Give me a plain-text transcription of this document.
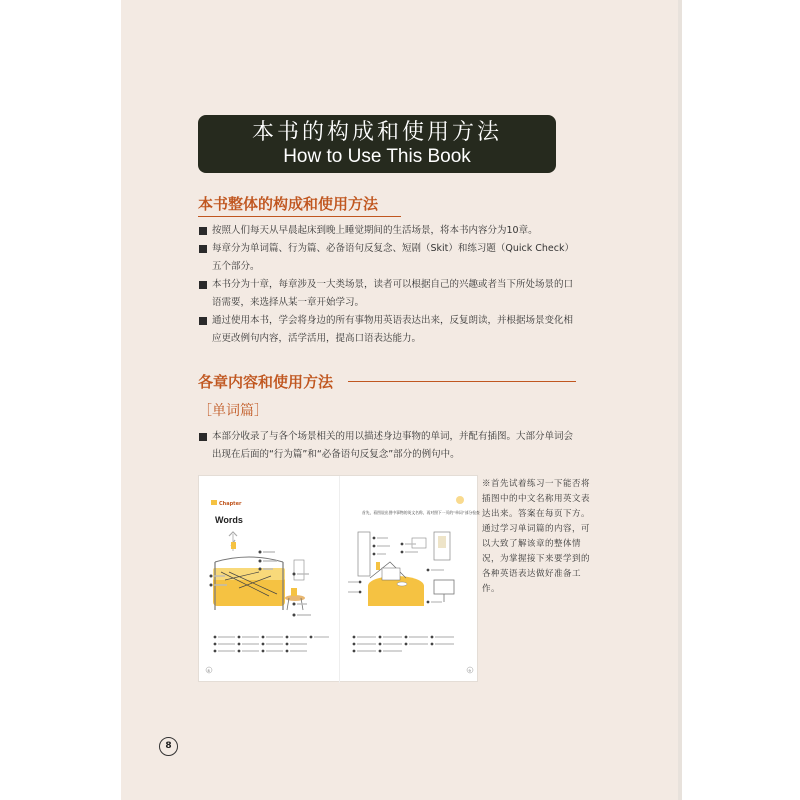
本书的构成和使用方法
How to Use This Book
本书整体的构成和使用方法
按照人们每天从早晨起床到晚上睡觉期间的生活场景，将本书内容分为10章。
每章分为单词篇、行为篇、必备语句反复念、短剧（Skit）和练习题（Quick Check）五个部分。
本书分为十章，每章涉及一大类场景，读者可以根据自己的兴趣或者当下所处场景的口语需要，来选择从某一章开始学习。
通过使用本书，学会将身边的所有事物用英语表达出来，反复朗读，并根据场景变化相应更改例句内容，活学活用，提高口语表达能力。
各章内容和使用方法
［单词篇］
本部分收录了与各个场景相关的用以描述身边事物的单词，并配有插图。大部分单词会出现在后面的“行为篇”和“必备语句反复念”部分的例句中。
Chapter
Words
8
首先，看图说出图中事物的英文名称，再对照下一页的“单词”部分检查。
9
※首先试着练习一下能否将插图中的中文名称用英文表达出来。答案在每页下方。通过学习单词篇的内容，可以大致了解该章的整体情况，为掌握接下来要学到的各种英语表达做好准备工作。
8
